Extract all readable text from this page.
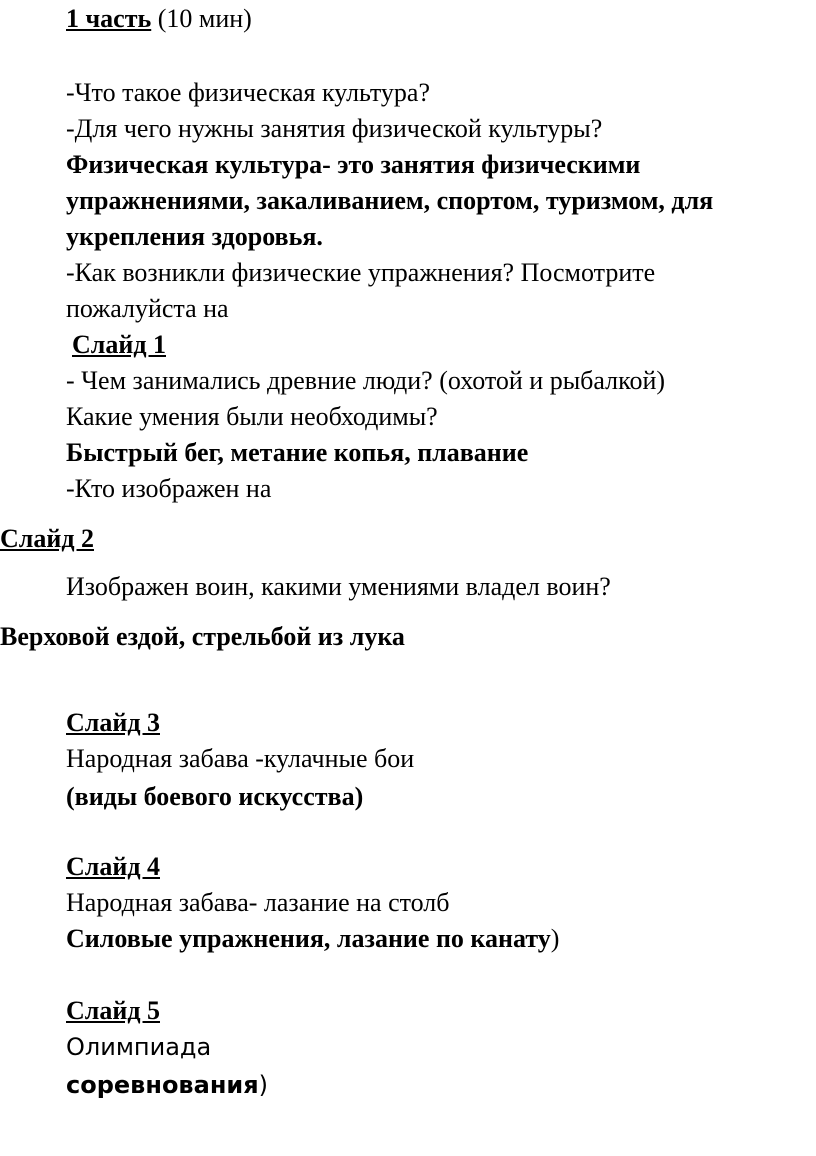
1 часть (10 мин)
-Что такое физическая культура?
-Для чего нужны занятия физической культуры?
Физическая культура- это занятия физическими
упражнениями, закаливанием, спортом, туризмом, для
укрепления здоровья.
-Как возникли физические упражнения? Посмотрите
пожалуйста на
Слайд 1
- Чем занимались древние люди? (охотой и рыбалкой)
Какие умения были необходимы?
Быстрый бег, метание копья, плавание
-Кто изображен на
Слайд 2
Изображен воин, какими умениями владел воин?
Верховой ездой, стрельбой из лука
Слайд 3
Народная забава -кулачные бои
(виды боевого искусства)
Слайд 4
Народная забава- лазание на столб
Силовые упражнения, лазание по канату)
Слайд 5
Олимпиада
соревнования)
